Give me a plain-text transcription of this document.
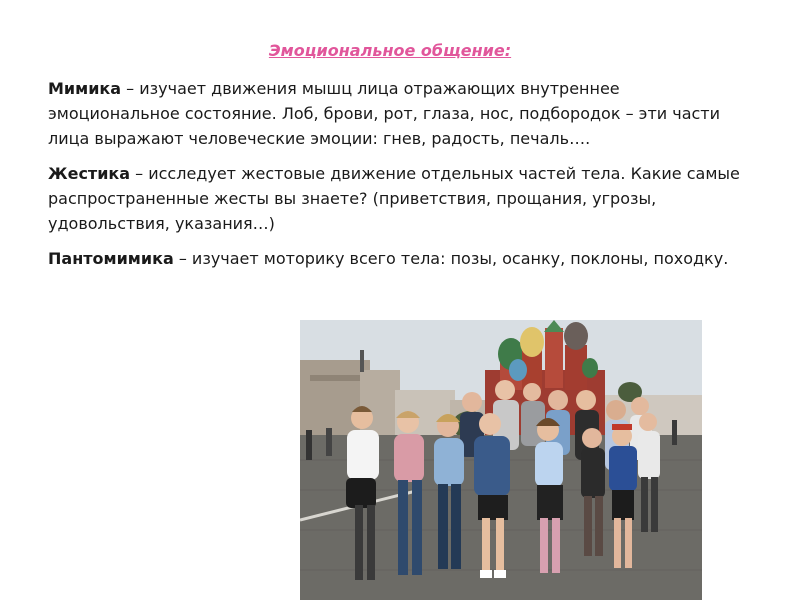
Эмоциональное общение:

Мимика – изучает движения мышц лица отражающих внутреннее эмоциональное состояние. Лоб, брови, рот, глаза, нос, подбородок – эти части лица выражают человеческие эмоции: гнев, радость, печаль….

Жестика – исследует жестовые движение отдельных частей тела. Какие самые распространенные жесты вы знаете? (приветствия, прощания, угрозы, удовольствия, указания…)

Пантомимика – изучает моторику всего тела: позы, осанку, поклоны, походку.
